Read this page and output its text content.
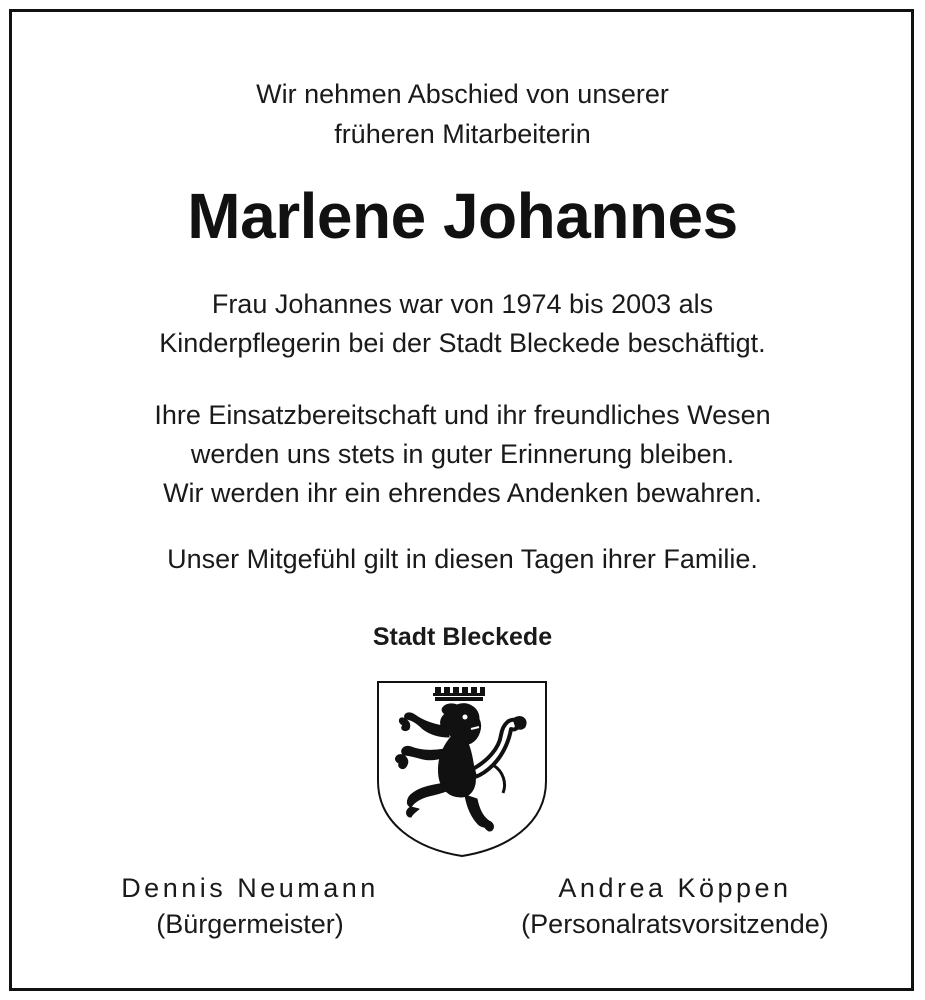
Wir nehmen Abschied von unserer
früheren Mitarbeiterin
Marlene Johannes
Frau Johannes war von 1974 bis 2003 als
Kinderpflegerin bei der Stadt Bleckede beschäftigt.
Ihre Einsatzbereitschaft und ihr freundliches Wesen
werden uns stets in guter Erinnerung bleiben.
Wir werden ihr ein ehrendes Andenken bewahren.
Unser Mitgefühl gilt in diesen Tagen ihrer Familie.
Stadt Bleckede
Dennis Neumann
(Bürgermeister)
Andrea Köppen
(Personalratsvorsitzende)
